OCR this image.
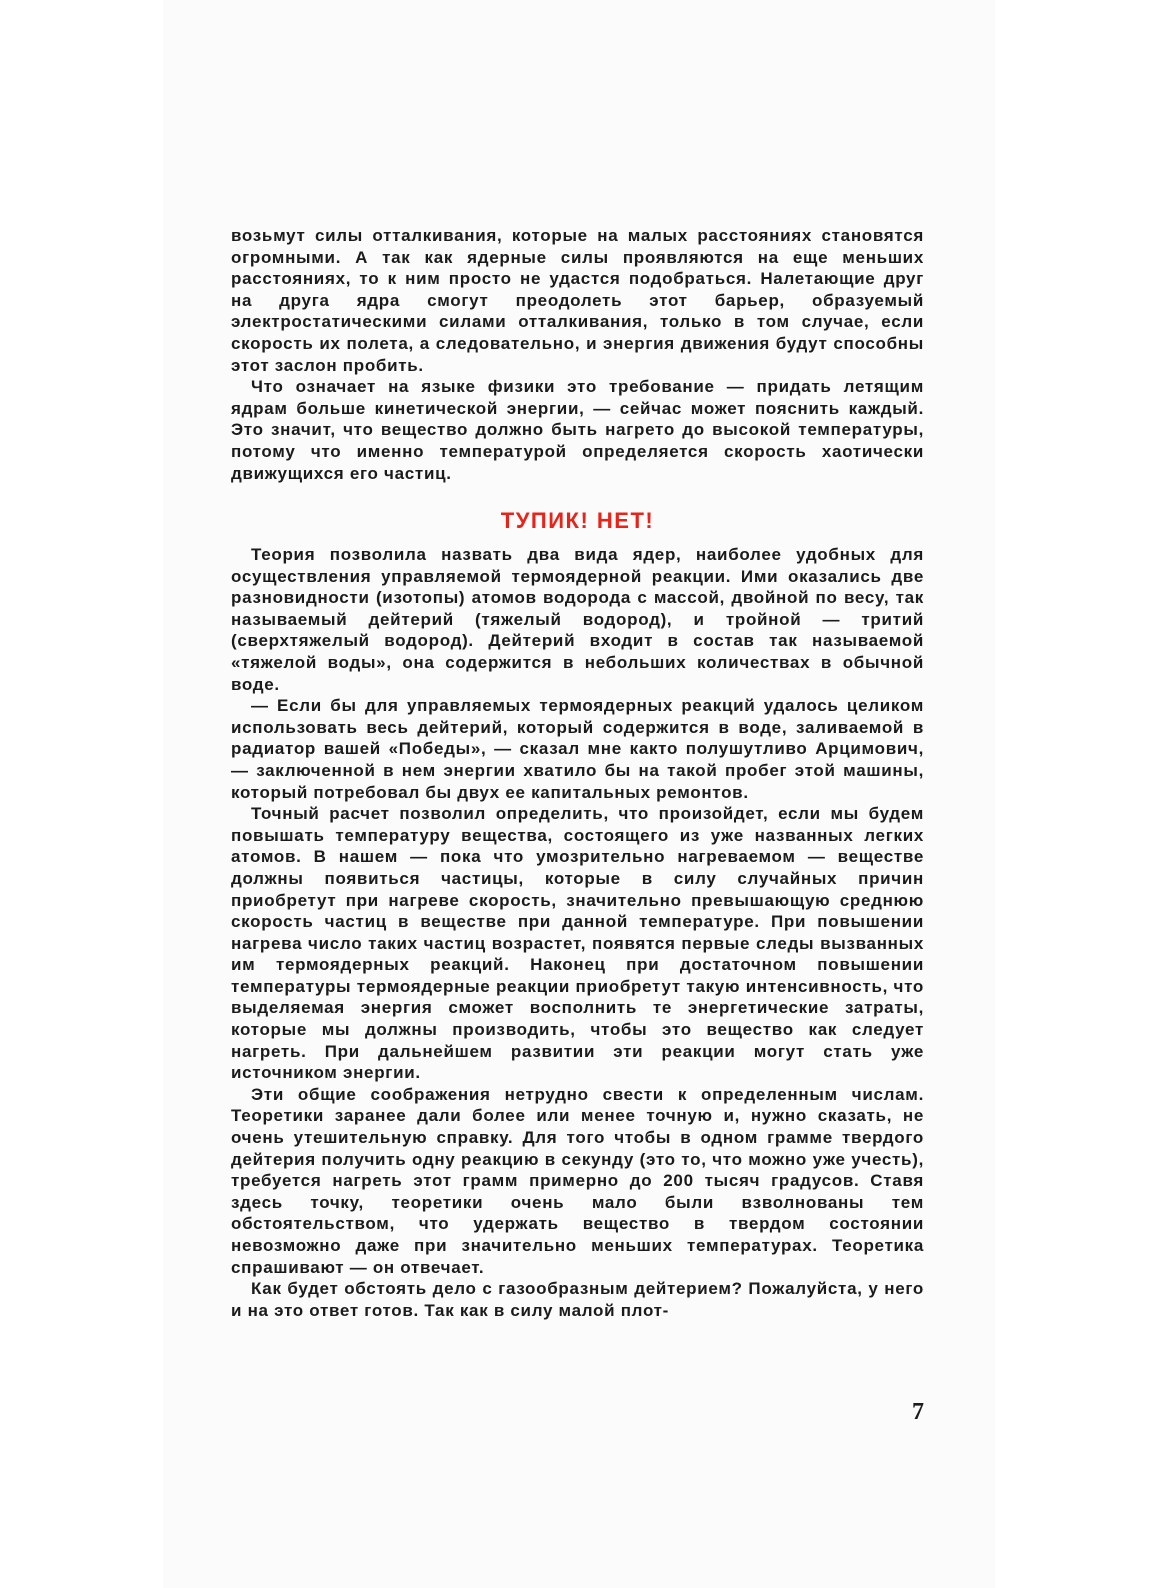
возьмут силы отталкивания, которые на малых расстояниях становятся огромными. А так как ядерные силы проявляются на еще меньших расстояниях, то к ним просто не удастся подобраться. Налетающие друг на друга ядра смогут преодолеть этот барьер, образуемый электростатическими силами отталкивания, только в том случае, если скорость их полета, а следовательно, и энергия движения будут способны этот заслон пробить.

Что означает на языке физики это требование — придать летящим ядрам больше кинетической энергии, — сейчас может пояснить каждый. Это значит, что вещество должно быть нагрето до высокой температуры, потому что именно температурой определяется скорость хаотически движущихся его частиц.

ТУПИК! НЕТ!

Теория позволила назвать два вида ядер, наиболее удобных для осуществления управляемой термоядерной реакции. Ими оказались две разновидности (изотопы) атомов водорода с массой, двойной по весу, так называемый дейтерий (тяжелый водород), и тройной — тритий (сверхтяжелый водород). Дейтерий входит в состав так называемой «тяжелой воды», она содержится в небольших количествах в обычной воде.

— Если бы для управляемых термоядерных реакций удалось целиком использовать весь дейтерий, который содержится в воде, заливаемой в радиатор вашей «Победы», — сказал мне както полушутливо Арцимович, — заключенной в нем энергии хватило бы на такой пробег этой машины, который потребовал бы двух ее капитальных ремонтов.

Точный расчет позволил определить, что произойдет, если мы будем повышать температуру вещества, состоящего из уже названных легких атомов. В нашем — пока что умозрительно нагреваемом — веществе должны появиться частицы, которые в силу случайных причин приобретут при нагреве скорость, значительно превышающую среднюю скорость частиц в веществе при данной температуре. При повышении нагрева число таких частиц возрастет, появятся первые следы вызванных им термоядерных реакций. Наконец при достаточном повышении температуры термоядерные реакции приобретут такую интенсивность, что выделяемая энергия сможет восполнить те энергетические затраты, которые мы должны производить, чтобы это вещество как следует нагреть. При дальнейшем развитии эти реакции могут стать уже источником энергии.

Эти общие соображения нетрудно свести к определенным числам. Теоретики заранее дали более или менее точную и, нужно сказать, не очень утешительную справку. Для того чтобы в одном грамме твердого дейтерия получить одну реакцию в секунду (это то, что можно уже учесть), требуется нагреть этот грамм примерно до 200 тысяч градусов. Ставя здесь точку, теоретики очень мало были взволнованы тем обстоятельством, что удержать вещество в твердом состоянии невозможно даже при значительно меньших температурах. Теоретика спрашивают — он отвечает.

Как будет обстоять дело с газообразным дейтерием? Пожалуйста, у него и на это ответ готов. Так как в силу малой плот-

7
